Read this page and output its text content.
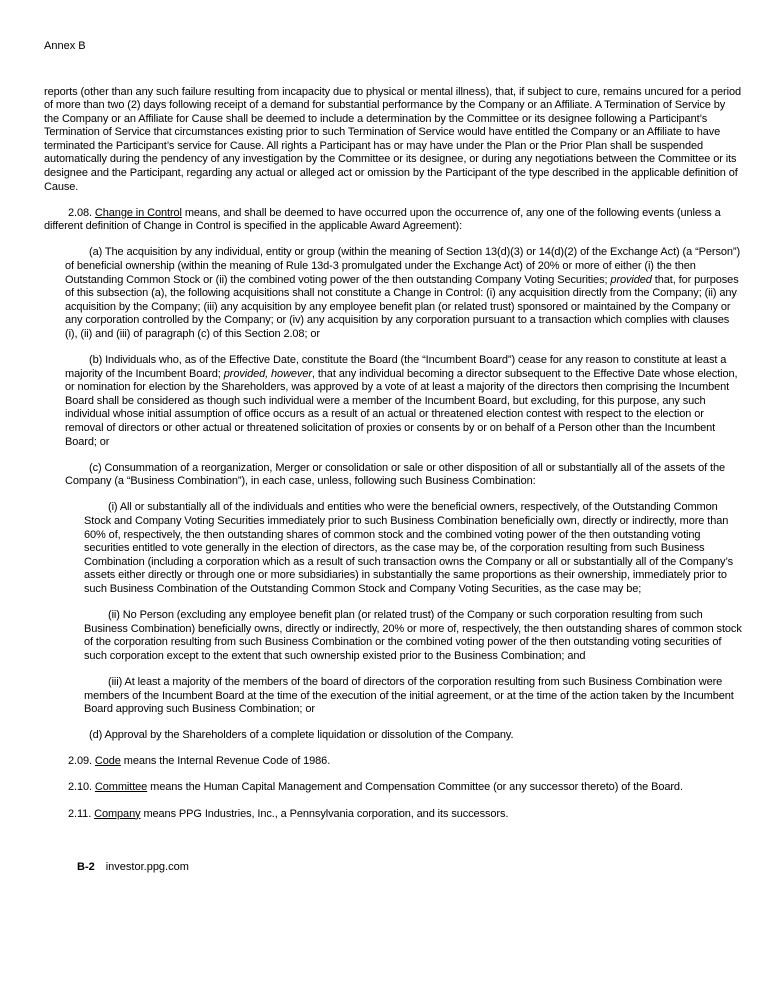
Annex B

reports (other than any such failure resulting from incapacity due to physical or mental illness), that, if subject to cure, remains uncured for a period of more than two (2) days following receipt of a demand for substantial performance by the Company or an Affiliate. A Termination of Service by the Company or an Affiliate for Cause shall be deemed to include a determination by the Committee or its designee following a Participant’s Termination of Service that circumstances existing prior to such Termination of Service would have entitled the Company or an Affiliate to have terminated the Participant’s service for Cause. All rights a Participant has or may have under the Plan or the Prior Plan shall be suspended automatically during the pendency of any investigation by the Committee or its designee, or during any negotiations between the Committee or its designee and the Participant, regarding any actual or alleged act or omission by the Participant of the type described in the applicable definition of Cause.

2.08. Change in Control means, and shall be deemed to have occurred upon the occurrence of, any one of the following events (unless a different definition of Change in Control is specified in the applicable Award Agreement):

(a) The acquisition by any individual, entity or group (within the meaning of Section 13(d)(3) or 14(d)(2) of the Exchange Act) (a “Person”) of beneficial ownership (within the meaning of Rule 13d-3 promulgated under the Exchange Act) of 20% or more of either (i) the then Outstanding Common Stock or (ii) the combined voting power of the then outstanding Company Voting Securities; provided that, for purposes of this subsection (a), the following acquisitions shall not constitute a Change in Control: (i) any acquisition directly from the Company; (ii) any acquisition by the Company; (iii) any acquisition by any employee benefit plan (or related trust) sponsored or maintained by the Company or any corporation controlled by the Company; or (iv) any acquisition by any corporation pursuant to a transaction which complies with clauses (i), (ii) and (iii) of paragraph (c) of this Section 2.08; or

(b) Individuals who, as of the Effective Date, constitute the Board (the “Incumbent Board”) cease for any reason to constitute at least a majority of the Incumbent Board; provided, however, that any individual becoming a director subsequent to the Effective Date whose election, or nomination for election by the Shareholders, was approved by a vote of at least a majority of the directors then comprising the Incumbent Board shall be considered as though such individual were a member of the Incumbent Board, but excluding, for this purpose, any such individual whose initial assumption of office occurs as a result of an actual or threatened election contest with respect to the election or removal of directors or other actual or threatened solicitation of proxies or consents by or on behalf of a Person other than the Incumbent Board; or

(c) Consummation of a reorganization, Merger or consolidation or sale or other disposition of all or substantially all of the assets of the Company (a “Business Combination”), in each case, unless, following such Business Combination:

(i) All or substantially all of the individuals and entities who were the beneficial owners, respectively, of the Outstanding Common Stock and Company Voting Securities immediately prior to such Business Combination beneficially own, directly or indirectly, more than 60% of, respectively, the then outstanding shares of common stock and the combined voting power of the then outstanding voting securities entitled to vote generally in the election of directors, as the case may be, of the corporation resulting from such Business Combination (including a corporation which as a result of such transaction owns the Company or all or substantially all of the Company’s assets either directly or through one or more subsidiaries) in substantially the same proportions as their ownership, immediately prior to such Business Combination of the Outstanding Common Stock and Company Voting Securities, as the case may be;

(ii) No Person (excluding any employee benefit plan (or related trust) of the Company or such corporation resulting from such Business Combination) beneficially owns, directly or indirectly, 20% or more of, respectively, the then outstanding shares of common stock of the corporation resulting from such Business Combination or the combined voting power of the then outstanding voting securities of such corporation except to the extent that such ownership existed prior to the Business Combination; and

(iii) At least a majority of the members of the board of directors of the corporation resulting from such Business Combination were members of the Incumbent Board at the time of the execution of the initial agreement, or at the time of the action taken by the Incumbent Board approving such Business Combination; or

(d) Approval by the Shareholders of a complete liquidation or dissolution of the Company.

2.09. Code means the Internal Revenue Code of 1986.

2.10. Committee means the Human Capital Management and Compensation Committee (or any successor thereto) of the Board.

2.11. Company means PPG Industries, Inc., a Pennsylvania corporation, and its successors.

B-2 investor.ppg.com
